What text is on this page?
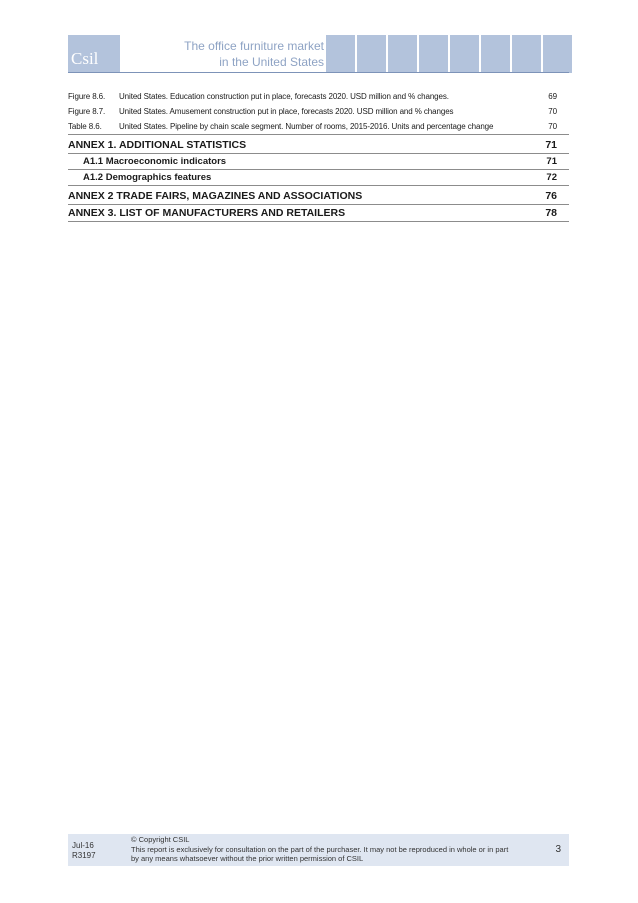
Csil
The office furniture market
in the United States
Figure 8.6.	United States. Education construction put in place, forecasts 2020. USD million and % changes.	69
Figure 8.7.	United States. Amusement construction put in place, forecasts 2020. USD million and % changes	70
Table 8.6.	United States. Pipeline by chain scale segment. Number of rooms, 2015-2016. Units and percentage change	70
ANNEX 1. ADDITIONAL STATISTICS	71
A1.1 Macroeconomic indicators	71
A1.2 Demographics features	72
ANNEX 2 TRADE FAIRS, MAGAZINES AND ASSOCIATIONS	76
ANNEX 3. LIST OF MANUFACTURERS AND RETAILERS	78
Jul-16
R3197
© Copyright CSIL
This report is exclusively for consultation on the part of the purchaser. It may not be reproduced in whole or in part by any means whatsoever without the prior written permission of CSIL
3
